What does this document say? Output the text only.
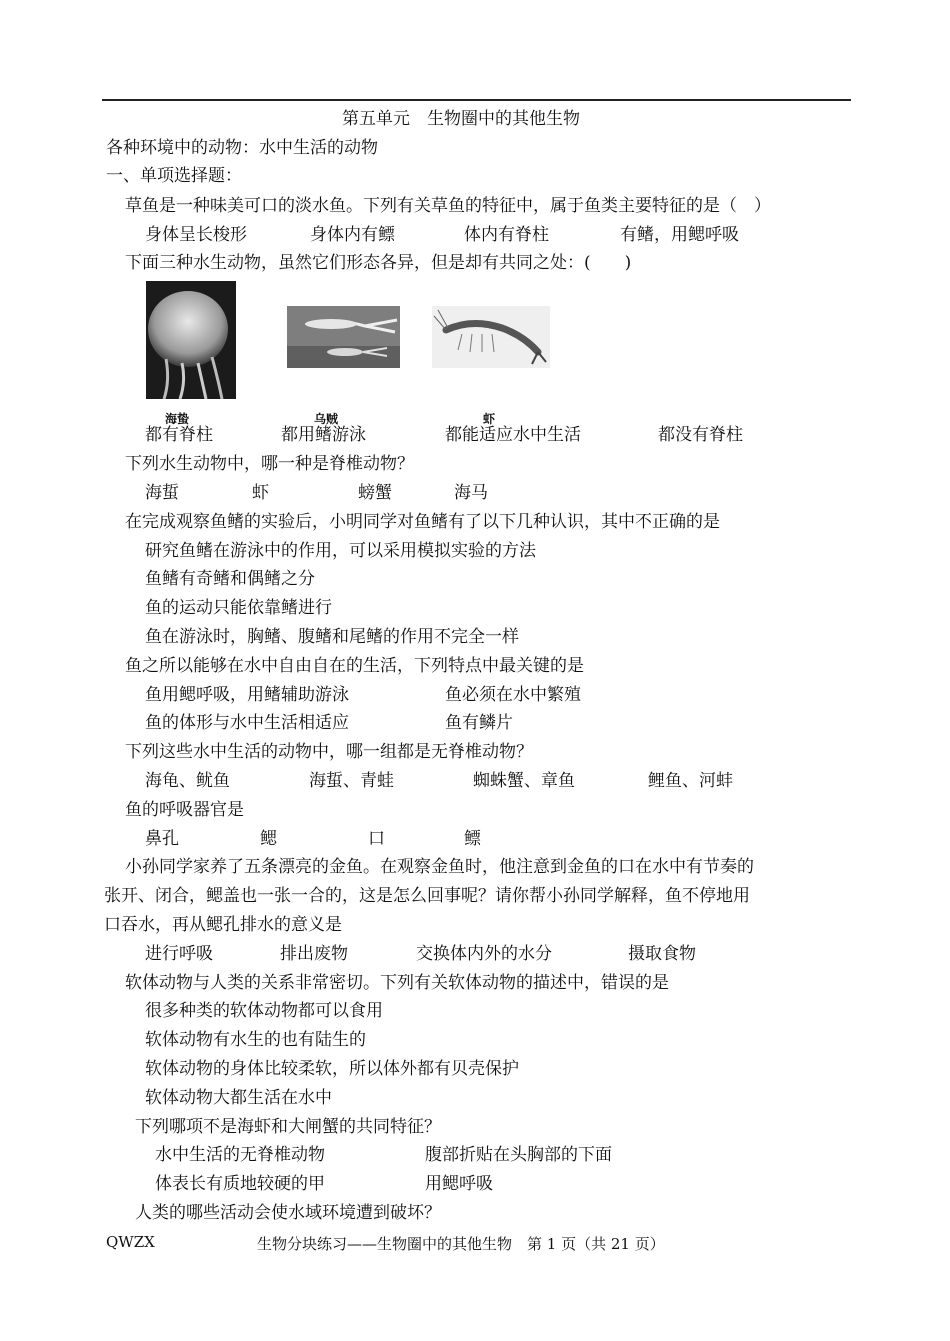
第五单元　生物圈中的其他生物
各种环境中的动物：水中生活的动物
一、单项选择题：
草鱼是一种味美可口的淡水鱼。下列有关草鱼的特征中，属于鱼类主要特征的是（　）
身体呈长梭形	身体内有鳔	体内有脊柱	有鳍，用鳃呼吸
下面三种水生动物，虽然它们形态各异，但是却有共同之处：(　　)
海蛰	乌贼	虾
都有脊柱	都用鳍游泳	都能适应水中生活	都没有脊柱
下列水生动物中，哪一种是脊椎动物？
海蜇	虾	螃蟹	海马
在完成观察鱼鳍的实验后，小明同学对鱼鳍有了以下几种认识，其中不正确的是
研究鱼鳍在游泳中的作用，可以采用模拟实验的方法
鱼鳍有奇鳍和偶鳍之分
鱼的运动只能依靠鳍进行
鱼在游泳时，胸鳍、腹鳍和尾鳍的作用不完全一样
鱼之所以能够在水中自由自在的生活，下列特点中最关键的是
鱼用鳃呼吸，用鳍辅助游泳	鱼必须在水中繁殖
鱼的体形与水中生活相适应	鱼有鳞片
下列这些水中生活的动物中，哪一组都是无脊椎动物？
海龟、鱿鱼	海蜇、青蛙	蜘蛛蟹、章鱼	鲤鱼、河蚌
鱼的呼吸器官是
鼻孔	鳃	口	鳔
小孙同学家养了五条漂亮的金鱼。在观察金鱼时，他注意到金鱼的口在水中有节奏的
张开、闭合，鳃盖也一张一合的，这是怎么回事呢？请你帮小孙同学解释，鱼不停地用
口吞水，再从鳃孔排水的意义是
进行呼吸	排出废物	交换体内外的水分	摄取食物
软体动物与人类的关系非常密切。下列有关软体动物的描述中，错误的是
很多种类的软体动物都可以食用
软体动物有水生的也有陆生的
软体动物的身体比较柔软，所以体外都有贝壳保护
软体动物大都生活在水中
下列哪项不是海虾和大闸蟹的共同特征？
水中生活的无脊椎动物	腹部折贴在头胸部的下面
体表长有质地较硬的甲	用鳃呼吸
人类的哪些活动会使水域环境遭到破坏？
QWZX	生物分块练习——生物圈中的其他生物　第 1 页（共 21 页）
